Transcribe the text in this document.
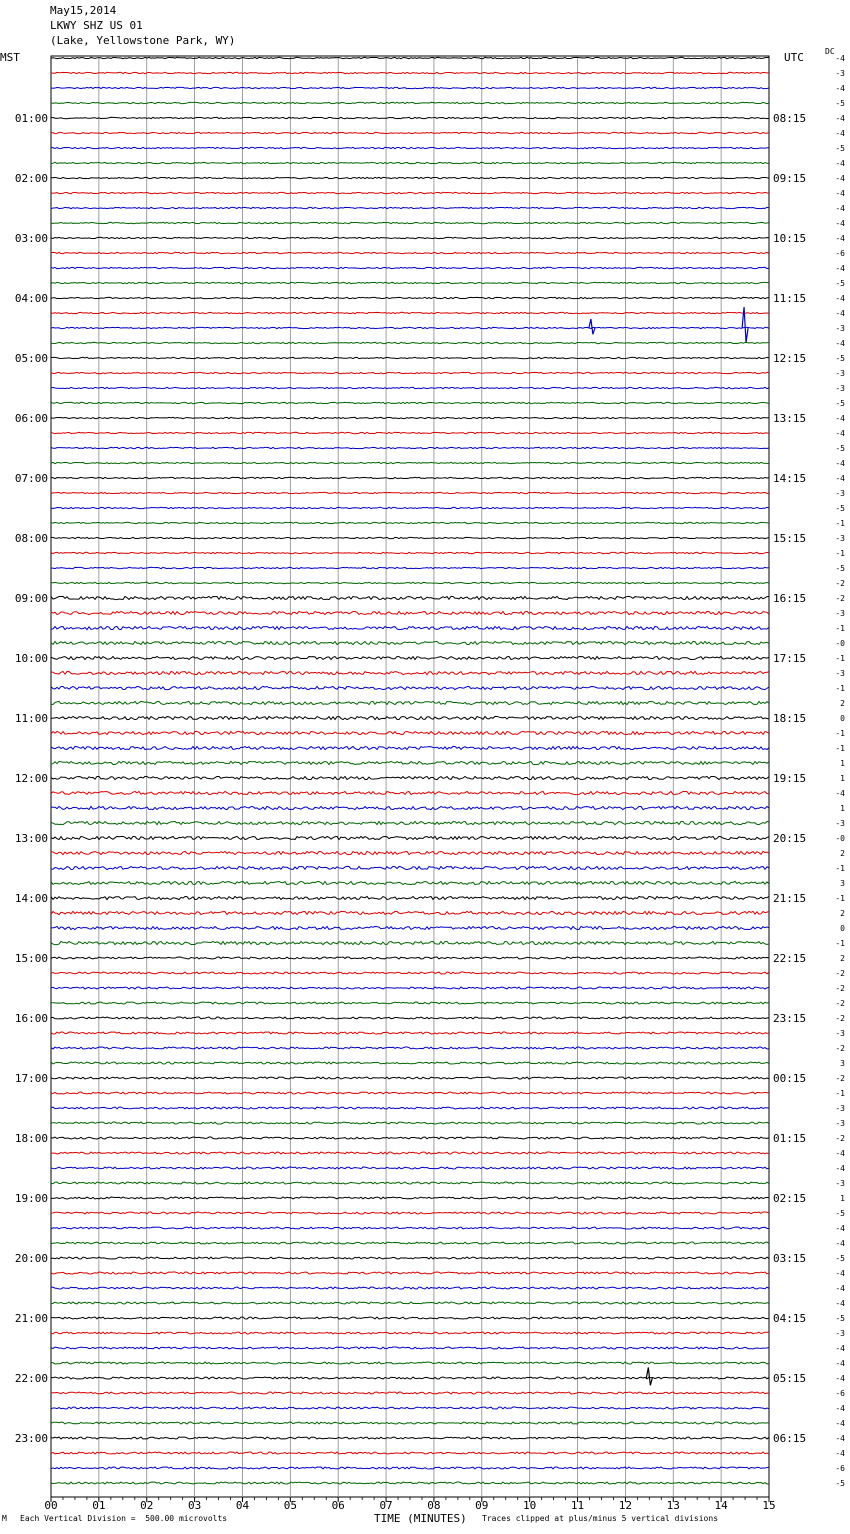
May15,2014
LKWY SHZ US 01
(Lake, Yellowstone Park, WY)
MST	UTC	DC
00	01	02	03	04	05	06	07	08	09	10	11	12	13	14	15
-4
-3
-4
-5
-4
-4
-5
-4
-4
-4
-4
-4
-4
-6
-4
-5
-4
-4
-3
-4
-5
-3
-3
-5
-4
-4
-5
-4
-4
-3
-5
-1
-3
-1
-5
-2
-2
-3
-1
-0
-1
-3
-1
2
0
-1
-1
1
1
-4
1
-3
-0
2
-1
3
-1
2
0
-1
2
-2
-2
-2
-2
-3
-2
3
-2
-1
-3
-3
-2
-4
-4
-3
1
-5
-4
-4
-5
-4
-4
-4
-5
-3
-4
-4
-4
-6
-4
-4
-4
-4
-6
-5
01:00
02:00
03:00
04:00
05:00
06:00
07:00
08:00
09:00
10:00
11:00
12:00
13:00
14:00
15:00
16:00
17:00
18:00
19:00
20:00
21:00
22:00
23:00
08:15
09:15
10:15
11:15
12:15
13:15
14:15
15:15
16:15
17:15
18:15
19:15
20:15
21:15
22:15
23:15
00:15
01:15
02:15
03:15
04:15
05:15
06:15
M Each Vertical Division =  500.00 microvolts	TIME (MINUTES) Traces clipped at plus/minus 5 vertical divisions
